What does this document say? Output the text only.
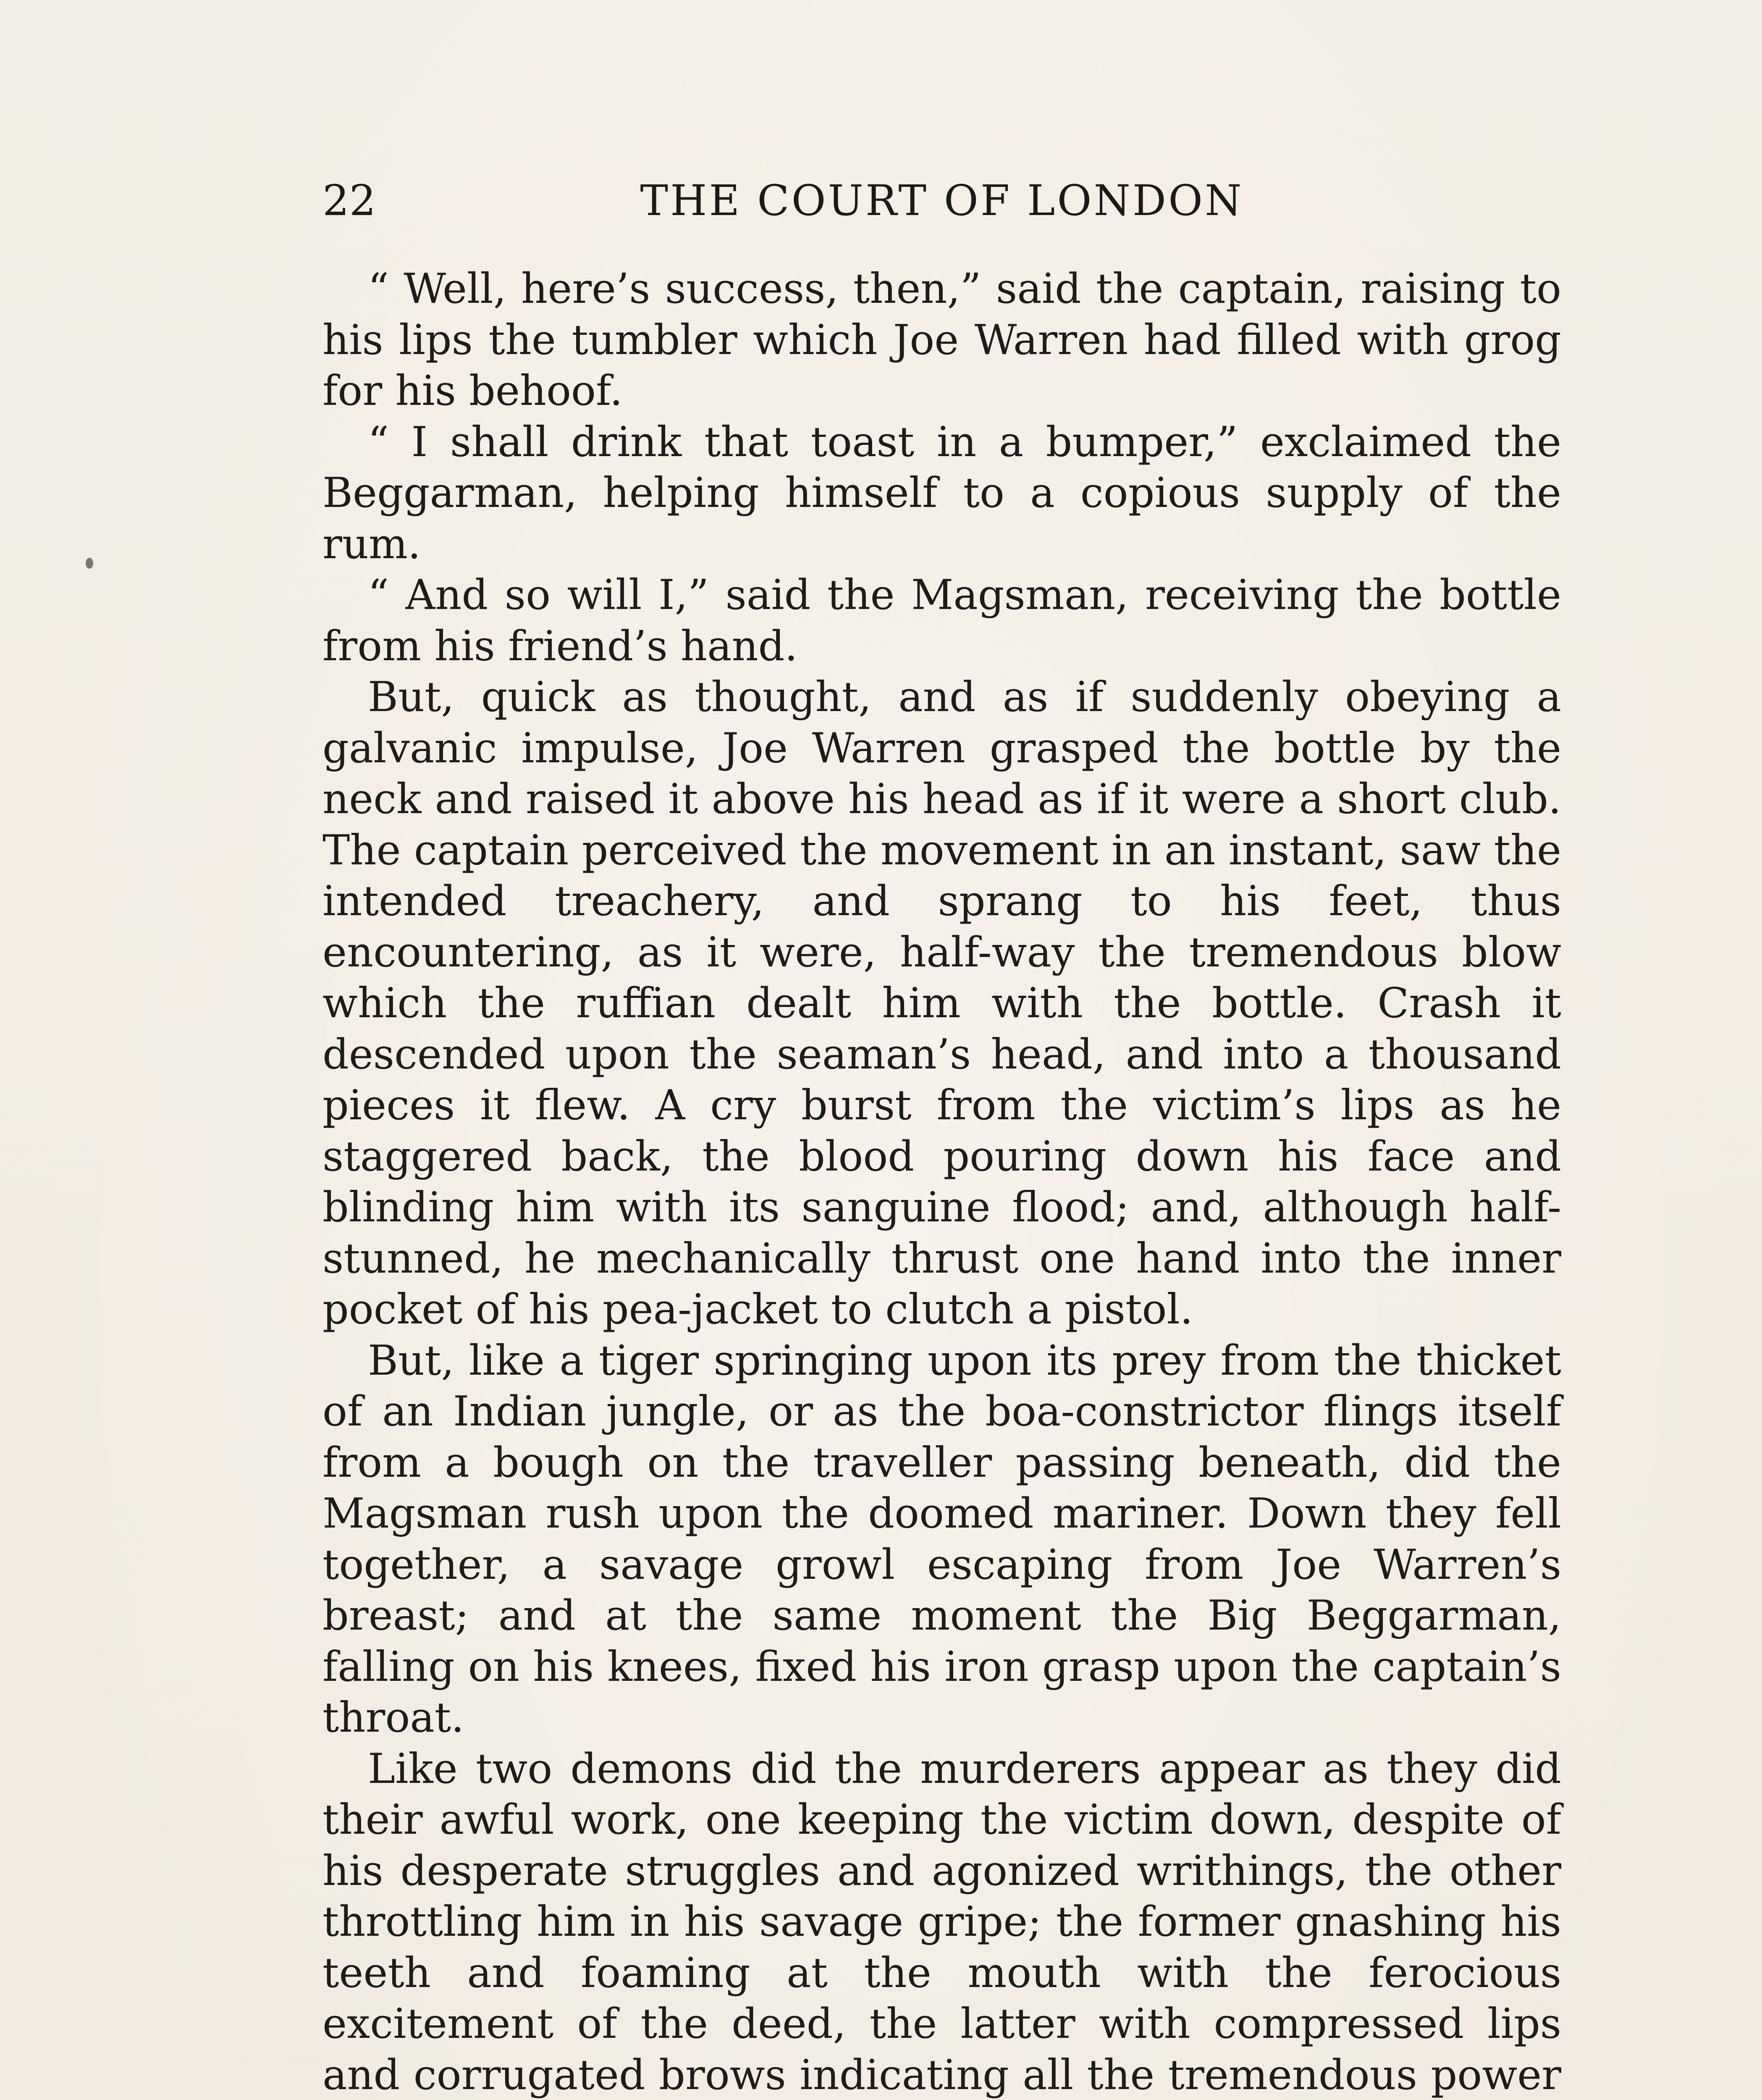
22	THE COURT OF LONDON

“ Well, here’s success, then,” said the captain, raising to his lips the tumbler which Joe Warren had filled with grog for his behoof.

“ I shall drink that toast in a bumper,” exclaimed the Beggarman, helping himself to a copious supply of the rum.

“ And so will I,” said the Magsman, receiving the bottle from his friend’s hand.

But, quick as thought, and as if suddenly obeying a galvanic impulse, Joe Warren grasped the bottle by the neck and raised it above his head as if it were a short club. The captain perceived the movement in an instant, saw the intended treachery, and sprang to his feet, thus encountering, as it were, half-way the tremendous blow which the ruffian dealt him with the bottle. Crash it descended upon the seaman’s head, and into a thousand pieces it flew. A cry burst from the victim’s lips as he staggered back, the blood pouring down his face and blinding him with its sanguine flood; and, although half-stunned, he mechanically thrust one hand into the inner pocket of his pea-jacket to clutch a pistol.

But, like a tiger springing upon its prey from the thicket of an Indian jungle, or as the boa-constrictor flings itself from a bough on the traveller passing beneath, did the Magsman rush upon the doomed mariner. Down they fell together, a savage growl escaping from Joe Warren’s breast; and at the same moment the Big Beggarman, falling on his knees, fixed his iron grasp upon the captain’s throat.

Like two demons did the murderers appear as they did their awful work, one keeping the victim down, despite of his desperate struggles and agonized writhings, the other throttling him in his savage gripe; the former gnashing his teeth and foaming at the mouth with the ferocious excitement of the deed, the latter with compressed lips and corrugated brows indicating all the tremendous power
